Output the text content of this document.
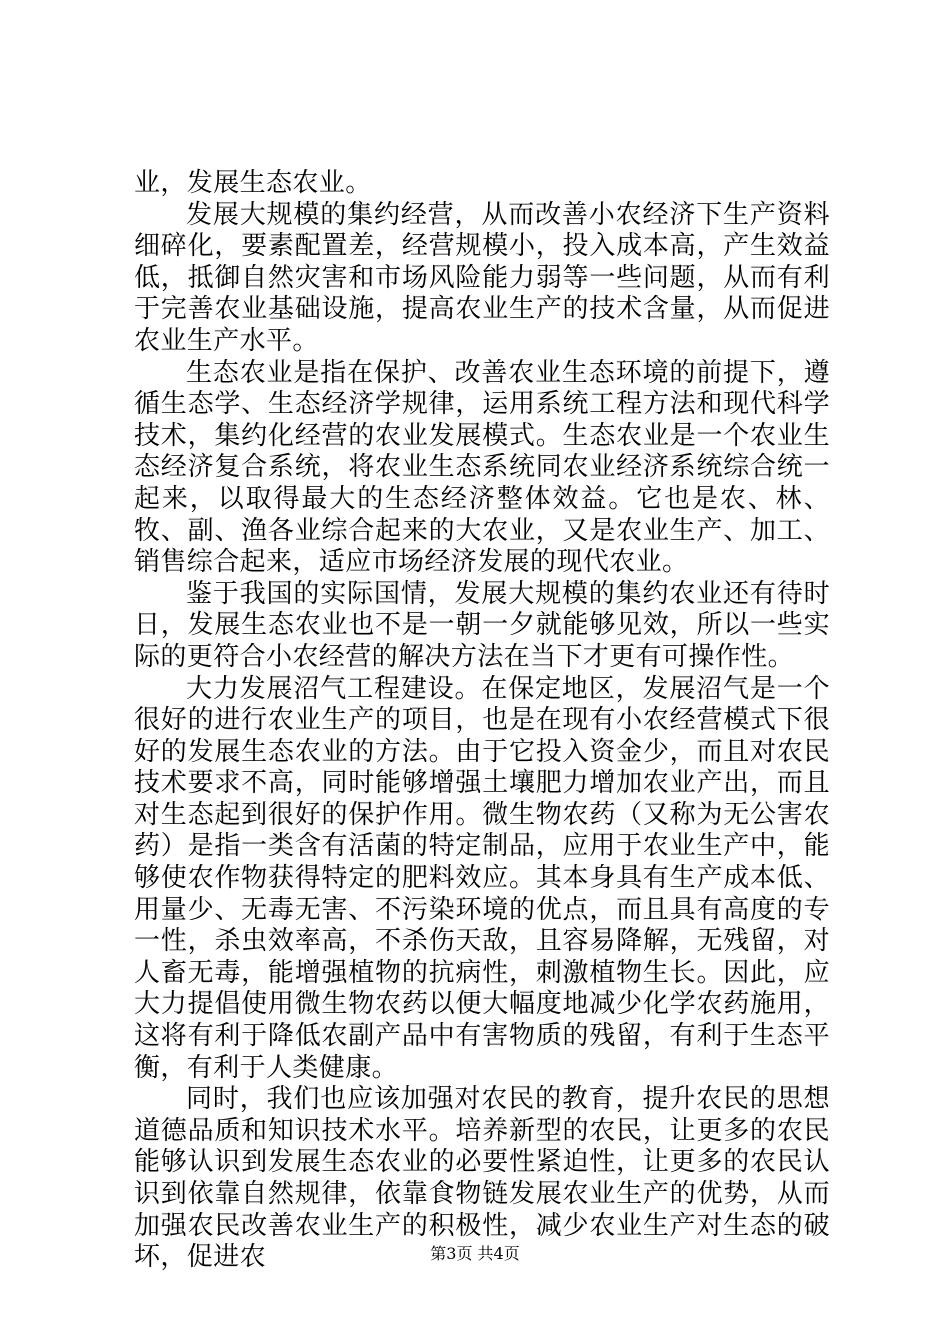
业，发展生态农业。

发展大规模的集约经营，从而改善小农经济下生产资料细碎化，要素配置差，经营规模小，投入成本高，产生效益低，抵御自然灾害和市场风险能力弱等一些问题，从而有利于完善农业基础设施，提高农业生产的技术含量，从而促进农业生产水平。

生态农业是指在保护、改善农业生态环境的前提下，遵循生态学、生态经济学规律，运用系统工程方法和现代科学技术，集约化经营的农业发展模式。生态农业是一个农业生态经济复合系统，将农业生态系统同农业经济系统综合统一起来，以取得最大的生态经济整体效益。它也是农、林、牧、副、渔各业综合起来的大农业，又是农业生产、加工、销售综合起来，适应市场经济发展的现代农业。

鉴于我国的实际国情，发展大规模的集约农业还有待时日，发展生态农业也不是一朝一夕就能够见效，所以一些实际的更符合小农经营的解决方法在当下才更有可操作性。

大力发展沼气工程建设。在保定地区，发展沼气是一个很好的进行农业生产的项目，也是在现有小农经营模式下很好的发展生态农业的方法。由于它投入资金少，而且对农民技术要求不高，同时能够增强土壤肥力增加农业产出，而且对生态起到很好的保护作用。微生物农药（又称为无公害农药）是指一类含有活菌的特定制品，应用于农业生产中，能够使农作物获得特定的肥料效应。其本身具有生产成本低、用量少、无毒无害、不污染环境的优点，而且具有高度的专一性，杀虫效率高，不杀伤天敌，且容易降解，无残留，对人畜无毒，能增强植物的抗病性，刺激植物生长。因此，应大力提倡使用微生物农药以便大幅度地减少化学农药施用，这将有利于降低农副产品中有害物质的残留，有利于生态平衡，有利于人类健康。

同时，我们也应该加强对农民的教育，提升农民的思想道德品质和知识技术水平。培养新型的农民，让更多的农民能够认识到发展生态农业的必要性紧迫性，让更多的农民认识到依靠自然规律，依靠食物链发展农业生产的优势，从而加强农民改善农业生产的积极性，减少农业生产对生态的破坏，促进农	第3页 共4页
